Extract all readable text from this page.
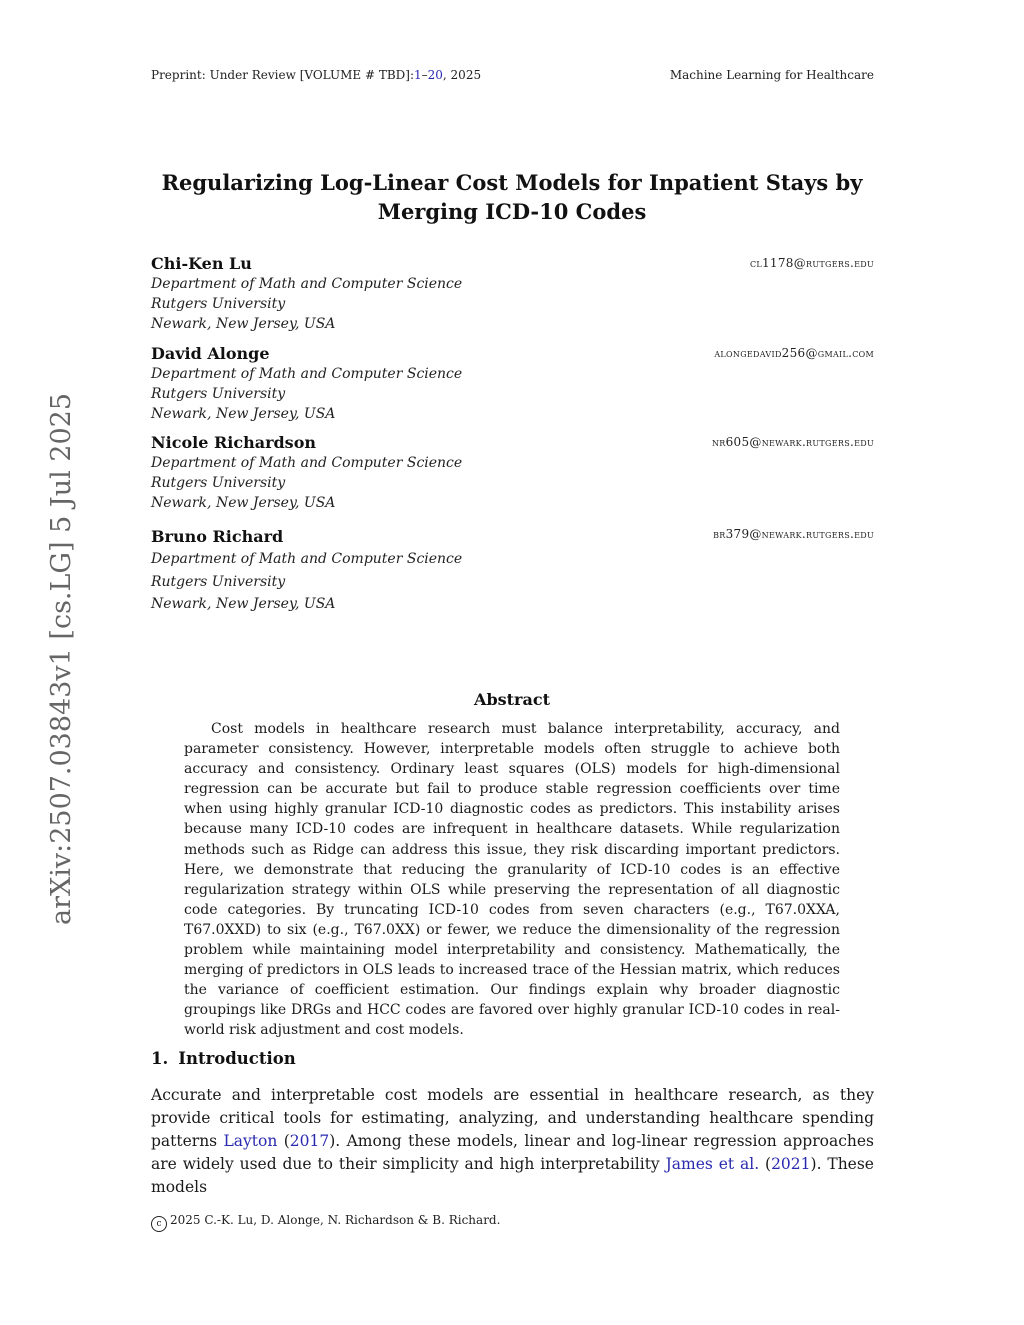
Preprint: Under Review [VOLUME # TBD]:1–20, 2025	Machine Learning for Healthcare
Regularizing Log-Linear Cost Models for Inpatient Stays by Merging ICD-10 Codes
Chi-Ken Lu	cl1178@rutgers.edu
Department of Math and Computer Science
Rutgers University
Newark, New Jersey, USA
David Alonge	alongedavid256@gmail.com
Department of Math and Computer Science
Rutgers University
Newark, New Jersey, USA
Nicole Richardson	nr605@newark.rutgers.edu
Department of Math and Computer Science
Rutgers University
Newark, New Jersey, USA
Bruno Richard	br379@newark.rutgers.edu
Department of Math and Computer Science
Rutgers University
Newark, New Jersey, USA
arXiv:2507.03843v1 [cs.LG] 5 Jul 2025	Abstract
Cost models in healthcare research must balance interpretability, accuracy, and parameter consistency. However, interpretable models often struggle to achieve both accuracy and consistency. Ordinary least squares (OLS) models for high-dimensional regression can be accurate but fail to produce stable regression coefficients over time when using highly granular ICD-10 diagnostic codes as predictors. This instability arises because many ICD-10 codes are infrequent in healthcare datasets. While regularization methods such as Ridge can address this issue, they risk discarding important predictors. Here, we demonstrate that reducing the granularity of ICD-10 codes is an effective regularization strategy within OLS while preserving the representation of all diagnostic code categories. By truncating ICD-10 codes from seven characters (e.g., T67.0XXA, T67.0XXD) to six (e.g., T67.0XX) or fewer, we reduce the dimensionality of the regression problem while maintaining model interpretability and consistency. Mathematically, the merging of predictors in OLS leads to increased trace of the Hessian matrix, which reduces the variance of coefficient estimation. Our findings explain why broader diagnostic groupings like DRGs and HCC codes are favored over highly granular ICD-10 codes in real-world risk adjustment and cost models.
1. Introduction
Accurate and interpretable cost models are essential in healthcare research, as they provide critical tools for estimating, analyzing, and understanding healthcare spending patterns Layton (2017). Among these models, linear and log-linear regression approaches are widely used due to their simplicity and high interpretability James et al. (2021). These models
c 2025 C.-K. Lu, D. Alonge, N. Richardson & B. Richard.
